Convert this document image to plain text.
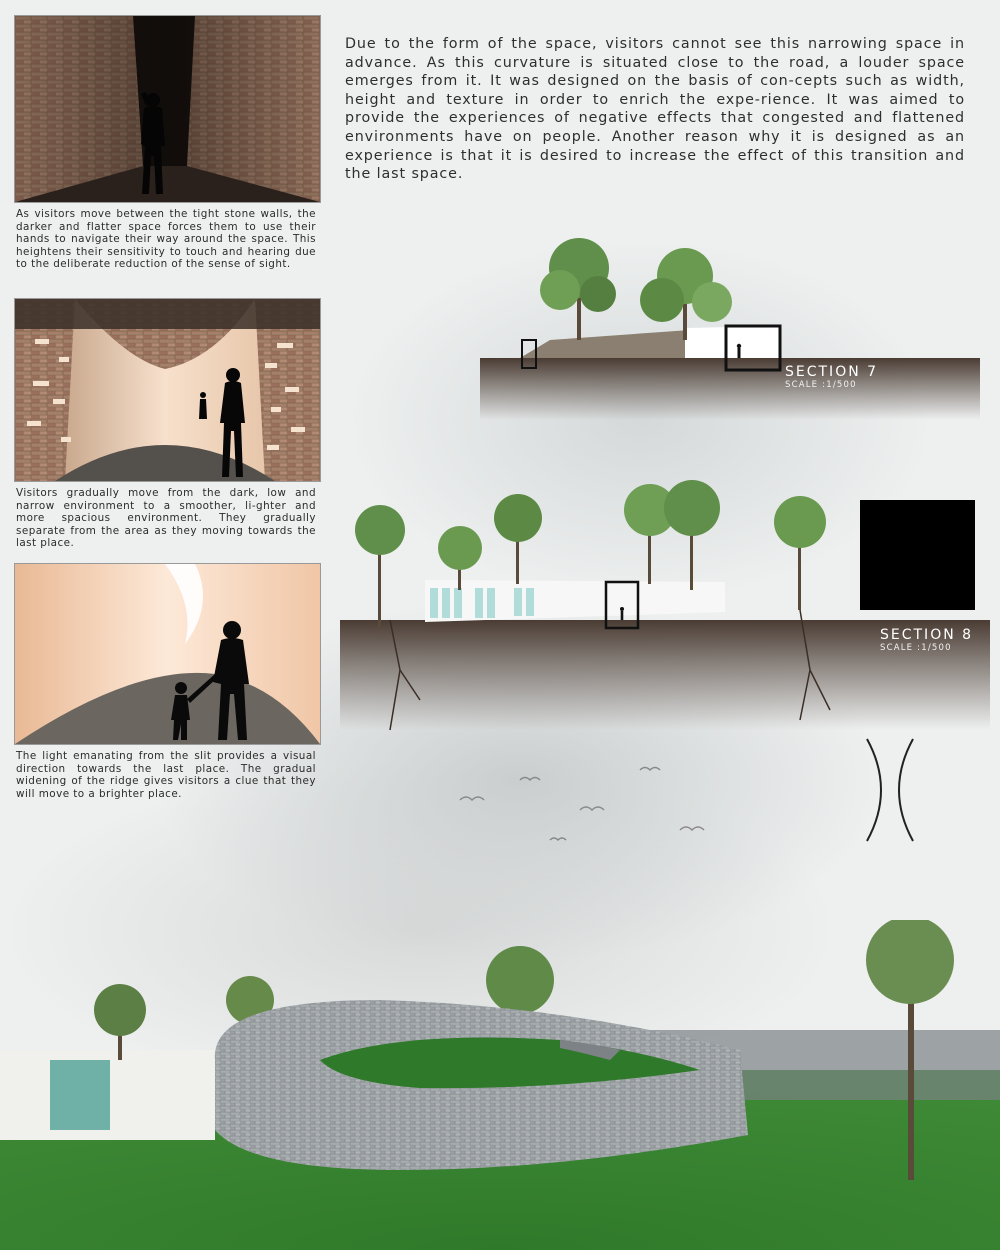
Due to the form of the space, visitors cannot see this narrowing space in advance. As this curvature is situated close to the road, a louder space emerges from it. It was designed on the basis of con-cepts such as width, height and texture in order to enrich the expe-rience. It was aimed to provide the experiences of negative effects that congested and flattened environments have on people. Another reason why it is designed as an experience is that it is desired to increase the effect of this transition and the last space.
As visitors move between the tight stone walls, the darker and flatter space forces them to use their hands to navigate their way around the space. This heightens their sensitivity to touch and hearing due to the deliberate reduction of the sense of sight.
Visitors gradually move from the dark, low and narrow environment to a smoother, li-ghter and more spacious environment. They gradually separate from the area as they moving towards the last place.
The light emanating from the slit provides a visual direction towards the last place. The gradual widening of the ridge gives visitors a clue that they will move to a brighter place.
SECTION 7
SCALE :1/500
SECTION 8
SCALE :1/500
